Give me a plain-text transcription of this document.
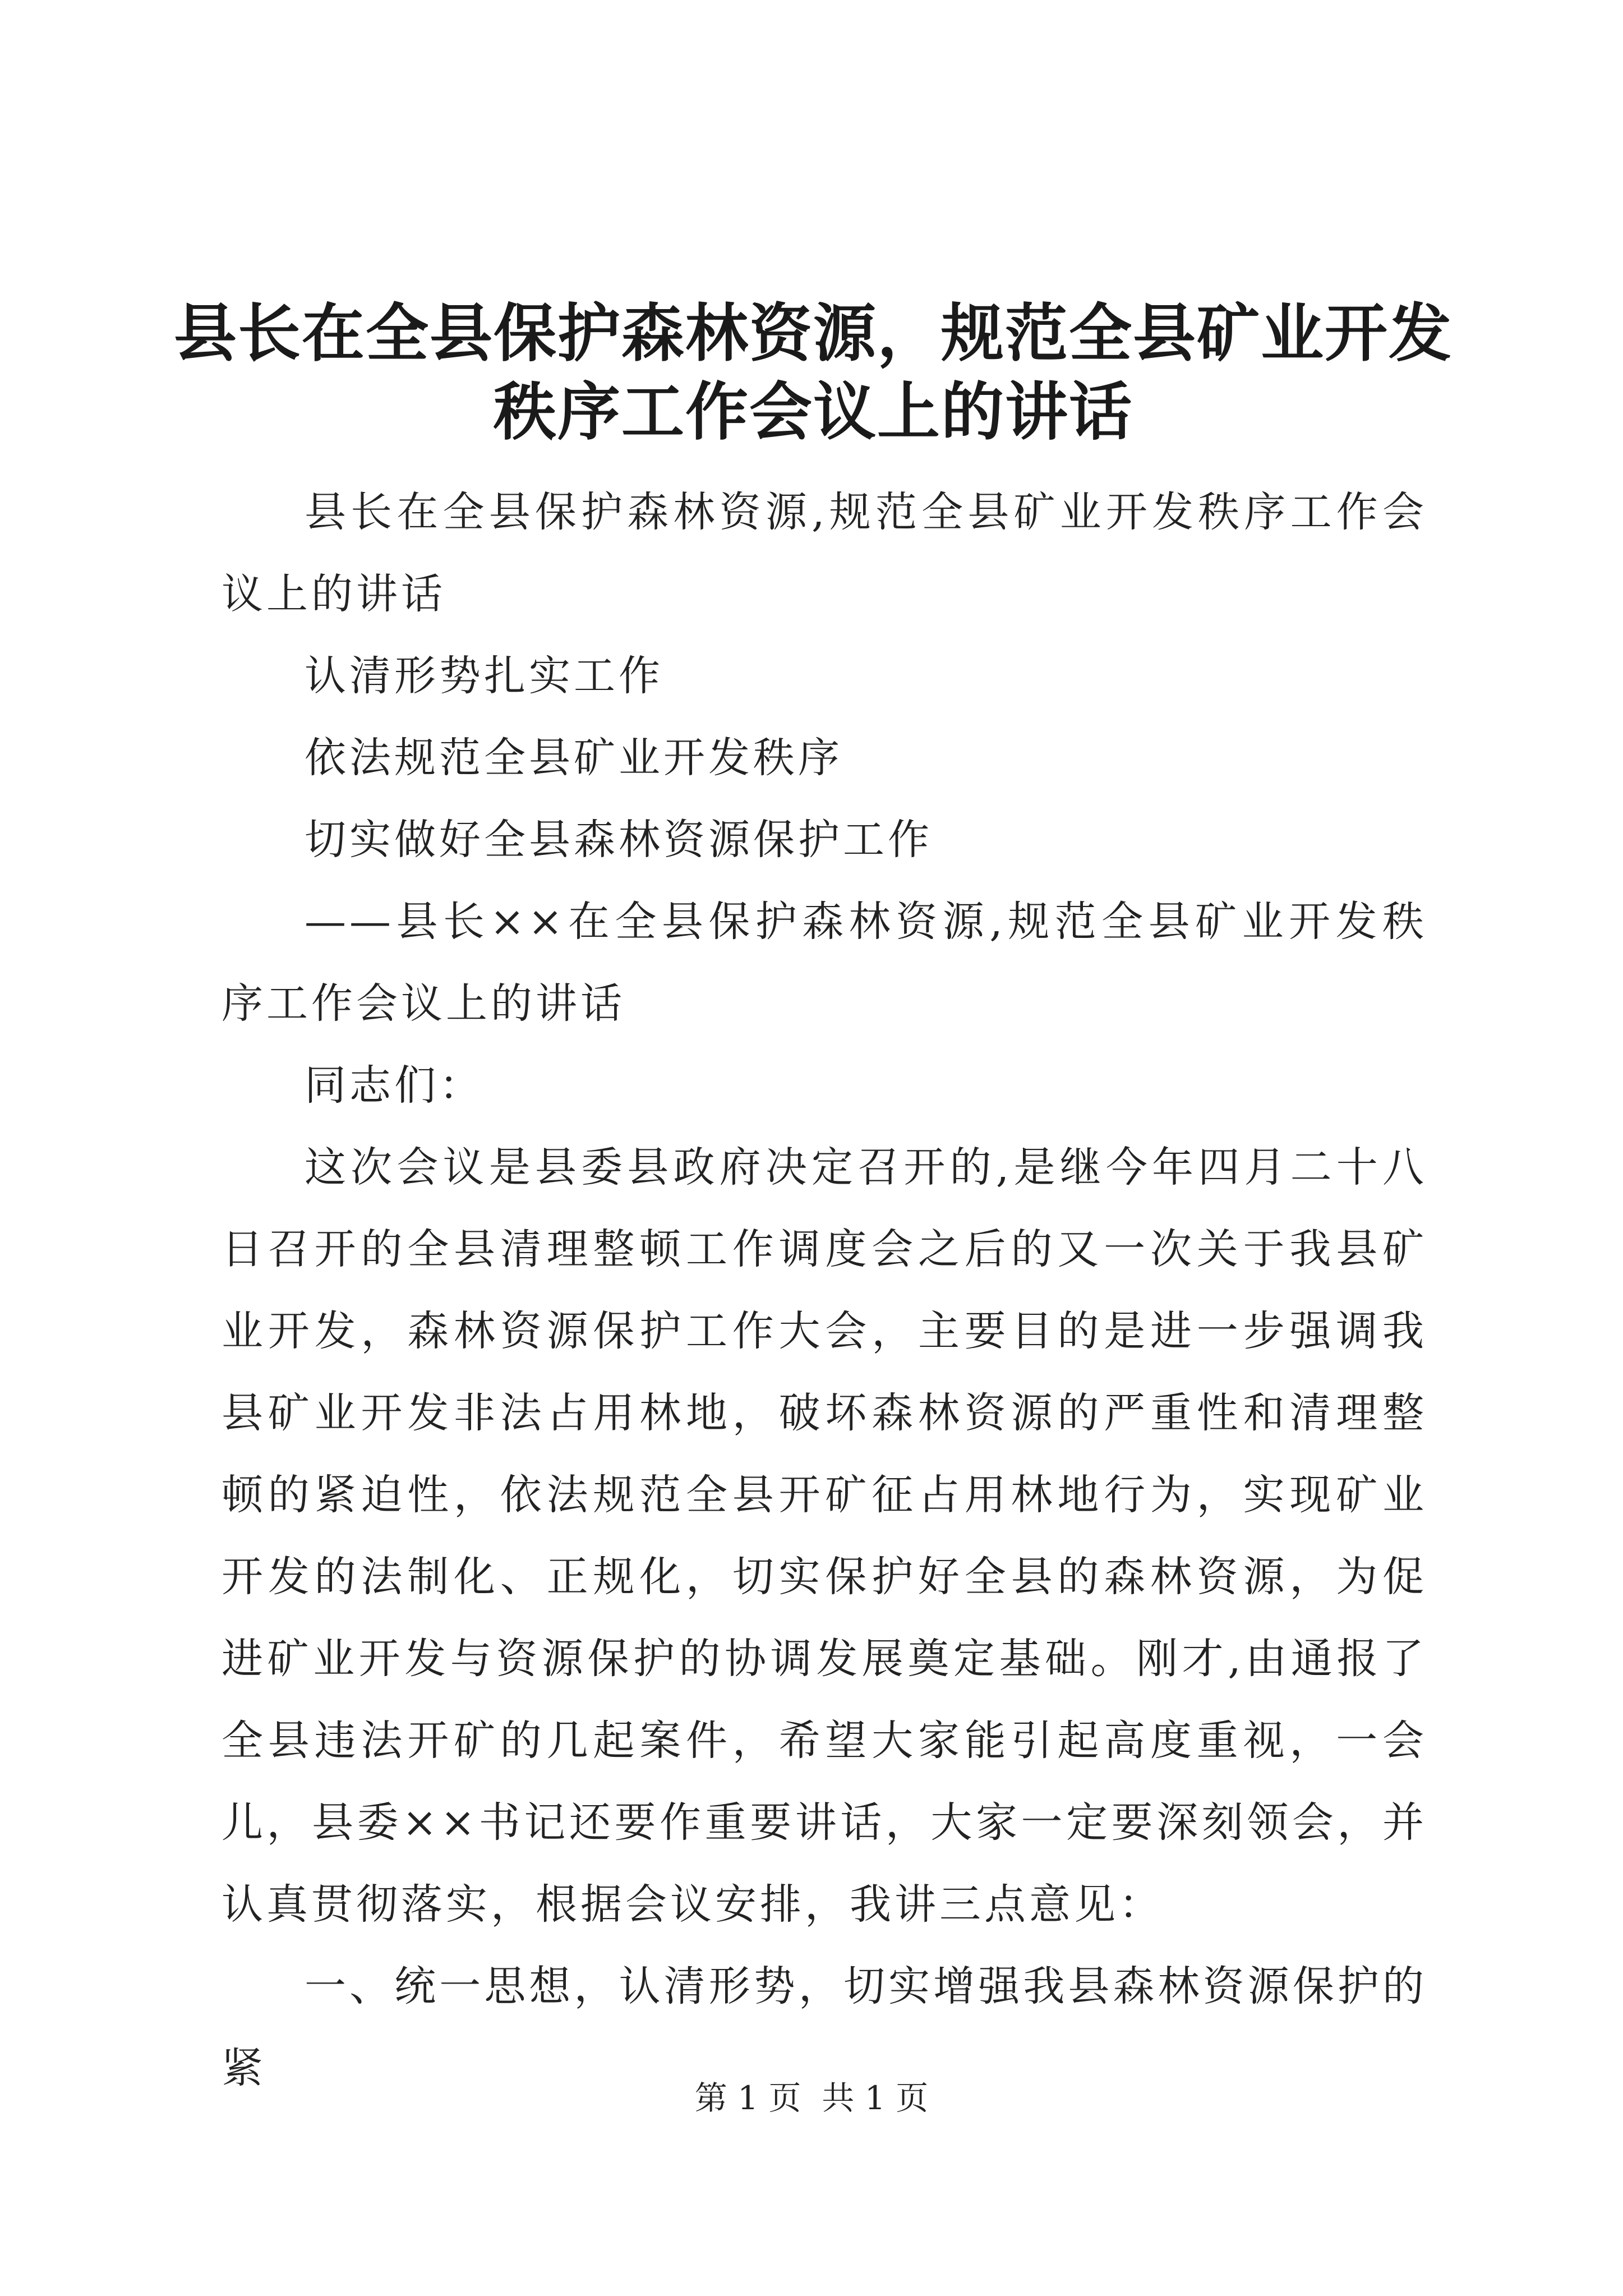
县长在全县保护森林资源，规范全县矿业开发
秩序工作会议上的讲话

县长在全县保护森林资源,规范全县矿业开发秩序工作会议上的讲话

认清形势扎实工作

依法规范全县矿业开发秩序

切实做好全县森林资源保护工作

——县长××在全县保护森林资源,规范全县矿业开发秩序工作会议上的讲话

同志们：

这次会议是县委县政府决定召开的,是继今年四月二十八日召开的全县清理整顿工作调度会之后的又一次关于我县矿业开发，森林资源保护工作大会，主要目的是进一步强调我县矿业开发非法占用林地，破坏森林资源的严重性和清理整顿的紧迫性，依法规范全县开矿征占用林地行为，实现矿业开发的法制化、正规化，切实保护好全县的森林资源，为促进矿业开发与资源保护的协调发展奠定基础。刚才,由通报了全县违法开矿的几起案件，希望大家能引起高度重视，一会儿，县委××书记还要作重要讲话，大家一定要深刻领会，并认真贯彻落实，根据会议安排，我讲三点意见：

一、统一思想，认清形势，切实增强我县森林资源保护的紧

第 1 页  共 1 页
